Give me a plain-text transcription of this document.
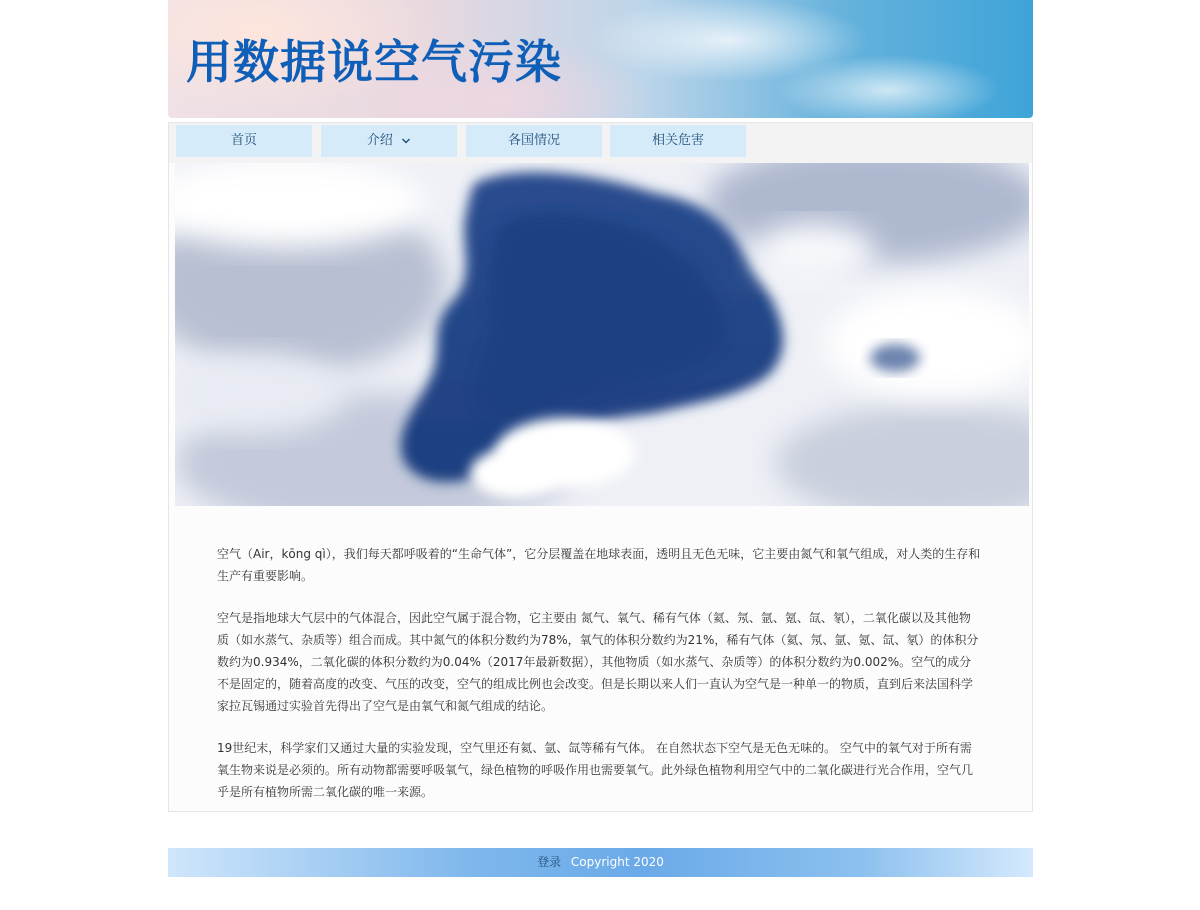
用数据说空气污染
首页	介绍	各国情况	相关危害

空气（Air，kōng qì），我们每天都呼吸着的“生命气体”，它分层覆盖在地球表面，透明且无色无味，它主要由氮气和氧气组成，对人类的生存和生产有重要影响。

空气是指地球大气层中的气体混合，因此空气属于混合物，它主要由 氮气、氧气、稀有气体（氦、氖、氩、氪、氙、氡），二氧化碳以及其他物质（如水蒸气、杂质等）组合而成。其中氮气的体积分数约为78%，氧气的体积分数约为21%，稀有气体（氦、氖、氩、氪、氙、氡）的体积分数约为0.934%，二氧化碳的体积分数约为0.04%（2017年最新数据），其他物质（如水蒸气、杂质等）的体积分数约为0.002%。空气的成分不是固定的，随着高度的改变、气压的改变，空气的组成比例也会改变。但是长期以来人们一直认为空气是一种单一的物质，直到后来法国科学家拉瓦锡通过实验首先得出了空气是由氧气和氮气组成的结论。

19世纪末，科学家们又通过大量的实验发现，空气里还有氦、氩、氙等稀有气体。 在自然状态下空气是无色无味的。 空气中的氧气对于所有需氧生物来说是必须的。所有动物都需要呼吸氧气，绿色植物的呼吸作用也需要氧气。此外绿色植物利用空气中的二氧化碳进行光合作用，空气几乎是所有植物所需二氧化碳的唯一来源。

登录 Copyright 2020
